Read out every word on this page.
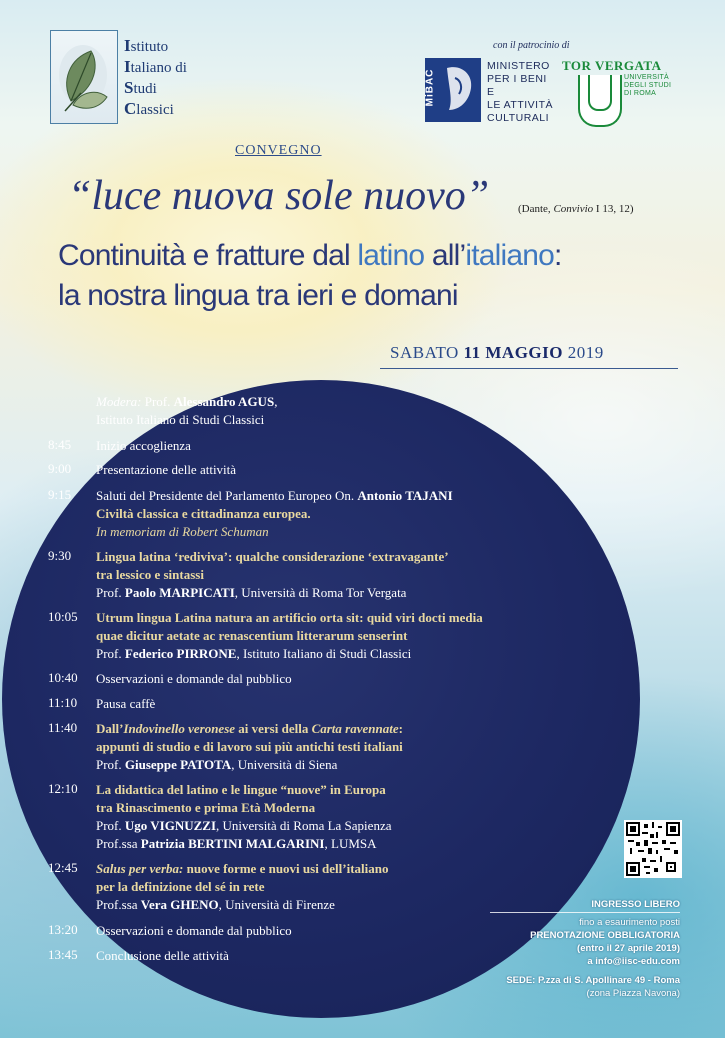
Istituto
Italiano di
Studi
Classici
con il patrocinio di
MiBAC
MINISTERO
PER I BENI E
LE ATTIVITÀ
CULTURALI
TOR VERGATA
UNIVERSITÀ
DEGLI STUDI
DI ROMA
CONVEGNO
“luce nuova sole nuovo”	(Dante, Convivio I 13, 12)
Continuità e fratture dal latino all’italiano:
la nostra lingua tra ieri e domani
SABATO 11 MAGGIO 2019
Modera: Prof. Alessandro AGUS,
Istituto Italiano di Studi Classici
8:45	Inizio accoglienza
9:00	Presentazione delle attività
9:15	Saluti del Presidente del Parlamento Europeo On. Antonio TAJANI
Civiltà classica e cittadinanza europea.
In memoriam di Robert Schuman
9:30	Lingua latina ‘rediviva’: qualche considerazione ‘extravagante’
tra lessico e sintassi
Prof. Paolo MARPICATI, Università di Roma Tor Vergata
10:05	Utrum lingua Latina natura an artificio orta sit: quid viri docti media
quae dicitur aetate ac renascentium litterarum senserint
Prof. Federico PIRRONE, Istituto Italiano di Studi Classici
10:40	Osservazioni e domande dal pubblico
11:10	Pausa caffè
11:40	Dall’Indovinello veronese ai versi della Carta ravennate:
appunti di studio e di lavoro sui più antichi testi italiani
Prof. Giuseppe PATOTA, Università di Siena
12:10	La didattica del latino e le lingue “nuove” in Europa
tra Rinascimento e prima Età Moderna
Prof. Ugo VIGNUZZI, Università di Roma La Sapienza
Prof.ssa Patrizia BERTINI MALGARINI, LUMSA
12:45	Salus per verba: nuove forme e nuovi usi dell’italiano
per la definizione del sé in rete
Prof.ssa Vera GHENO, Università di Firenze
13:20	Osservazioni e domande dal pubblico
13:45	Conclusione delle attività
INGRESSO LIBERO
fino a esaurimento posti
PRENOTAZIONE OBBLIGATORIA
(entro il 27 aprile 2019)
a info@iisc-edu.com
SEDE: P.zza di S. Apollinare 49 - Roma
(zona Piazza Navona)
